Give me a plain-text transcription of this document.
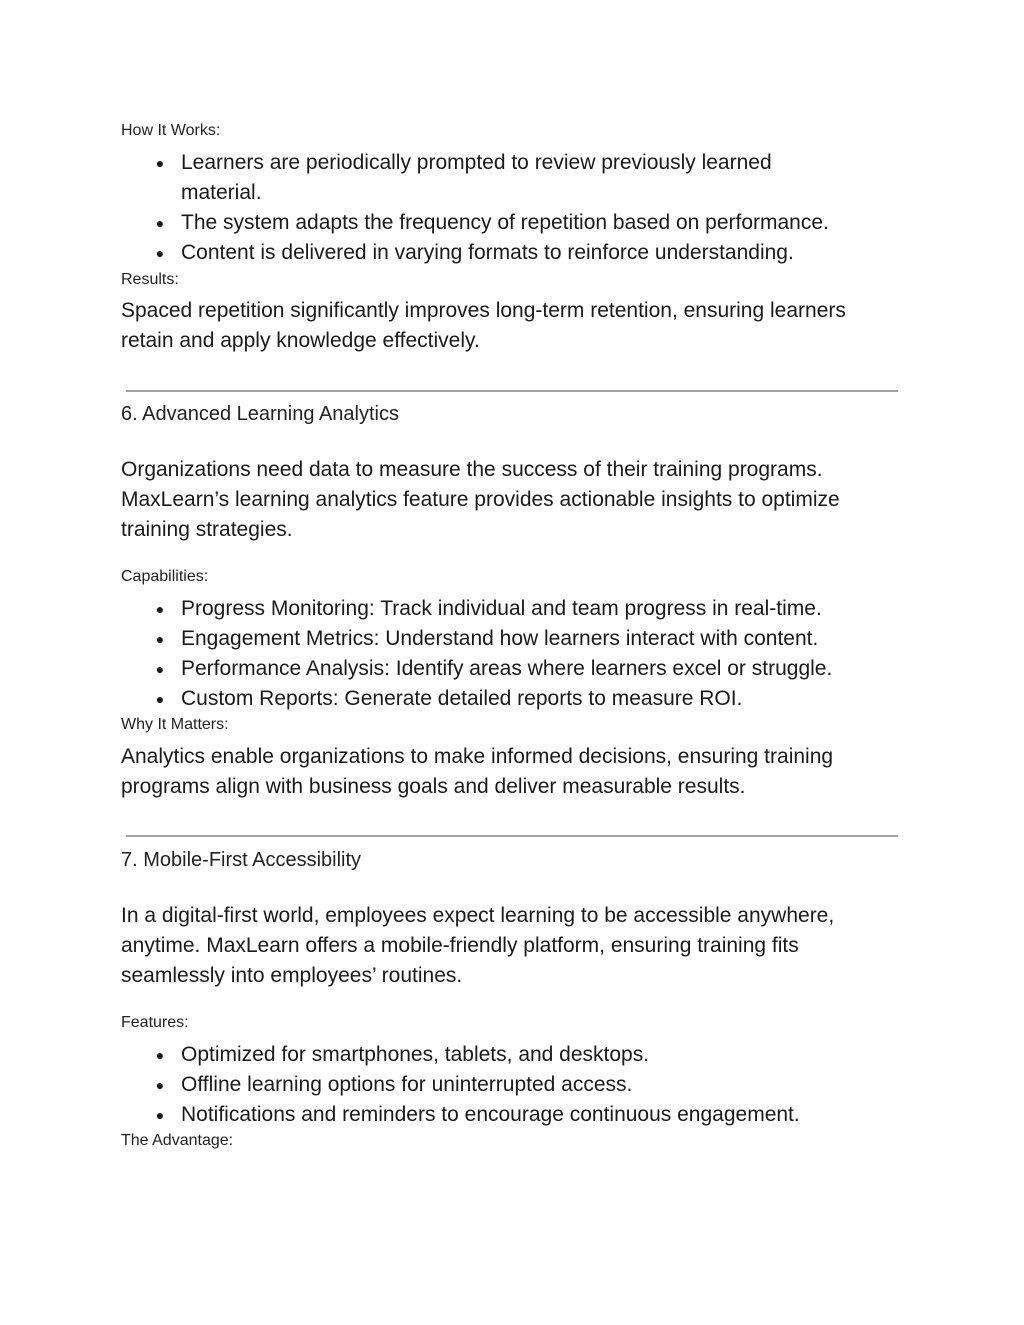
How It Works:
● Learners are periodically prompted to review previously learned
material.
● The system adapts the frequency of repetition based on performance.
● Content is delivered in varying formats to reinforce understanding.
Results:
Spaced repetition significantly improves long-term retention, ensuring learners
retain and apply knowledge effectively.
6. Advanced Learning Analytics
Organizations need data to measure the success of their training programs.
MaxLearn’s learning analytics feature provides actionable insights to optimize
training strategies.
Capabilities:
● Progress Monitoring: Track individual and team progress in real-time.
● Engagement Metrics: Understand how learners interact with content.
● Performance Analysis: Identify areas where learners excel or struggle.
● Custom Reports: Generate detailed reports to measure ROI.
Why It Matters:
Analytics enable organizations to make informed decisions, ensuring training
programs align with business goals and deliver measurable results.
7. Mobile-First Accessibility
In a digital-first world, employees expect learning to be accessible anywhere,
anytime. MaxLearn offers a mobile-friendly platform, ensuring training fits
seamlessly into employees’ routines.
Features:
● Optimized for smartphones, tablets, and desktops.
● Offline learning options for uninterrupted access.
● Notifications and reminders to encourage continuous engagement.
The Advantage:
